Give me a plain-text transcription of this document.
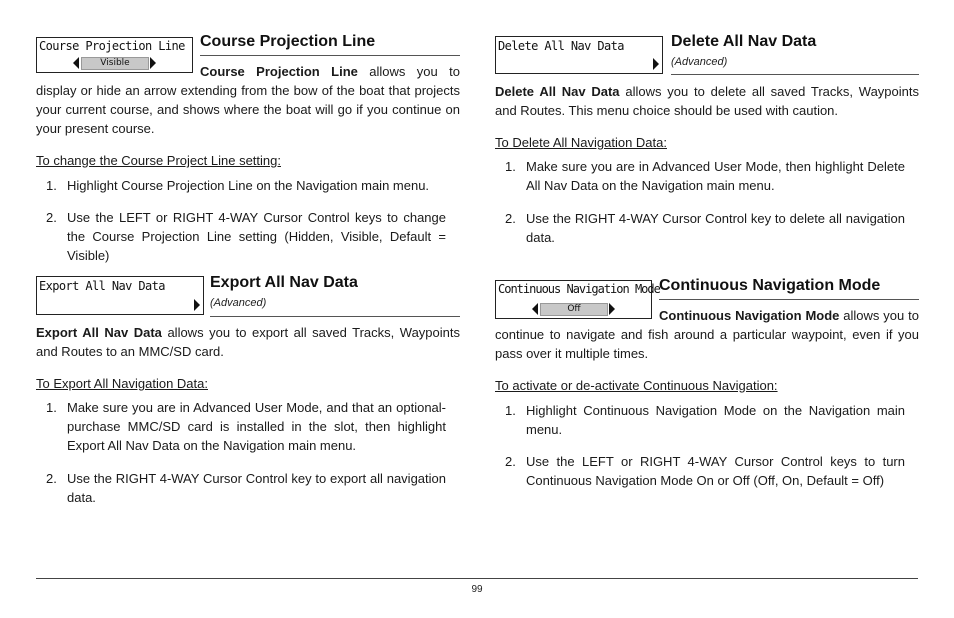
Course Projection Line
Visible
Course Projection Line

Course Projection Line allows you to display or hide an arrow extending from the bow of the boat that projects your current course, and shows where the boat will go if you continue on your present course.

To change the Course Project Line setting:
1. Highlight Course Projection Line on the Navigation main menu.
2. Use the LEFT or RIGHT 4-WAY Cursor Control keys to change the Course Projection Line setting (Hidden, Visible, Default = Visible)
Export All Nav Data	Export All Nav Data
(Advanced)

Export All Nav Data allows you to export all saved Tracks, Waypoints and Routes to an MMC/SD card.

To Export All Navigation Data:
1. Make sure you are in Advanced User Mode, and that an optional-purchase MMC/SD card is installed in the slot, then highlight Export All Nav Data on the Navigation main menu.
2. Use the RIGHT 4-WAY Cursor Control key to export all navigation data.
Delete All Nav Data	Delete All Nav Data
(Advanced)

Delete All Nav Data allows you to delete all saved Tracks, Waypoints and Routes. This menu choice should be used with caution.

To Delete All Navigation Data:
1. Make sure you are in Advanced User Mode, then highlight Delete All Nav Data on the Navigation main menu.
2. Use the RIGHT 4-WAY Cursor Control key to delete all navigation data.
Continuous Navigation Mode
Off
Continuous Navigation Mode

Continuous Navigation Mode allows you to continue to navigate and fish around a particular waypoint, even if you pass over it multiple times.

To activate or de-activate Continuous Navigation:
1. Highlight Continuous Navigation Mode on the Navigation main menu.
2. Use the LEFT or RIGHT 4-WAY Cursor Control keys to turn Continuous Navigation Mode On or Off (Off, On, Default = Off)
99
